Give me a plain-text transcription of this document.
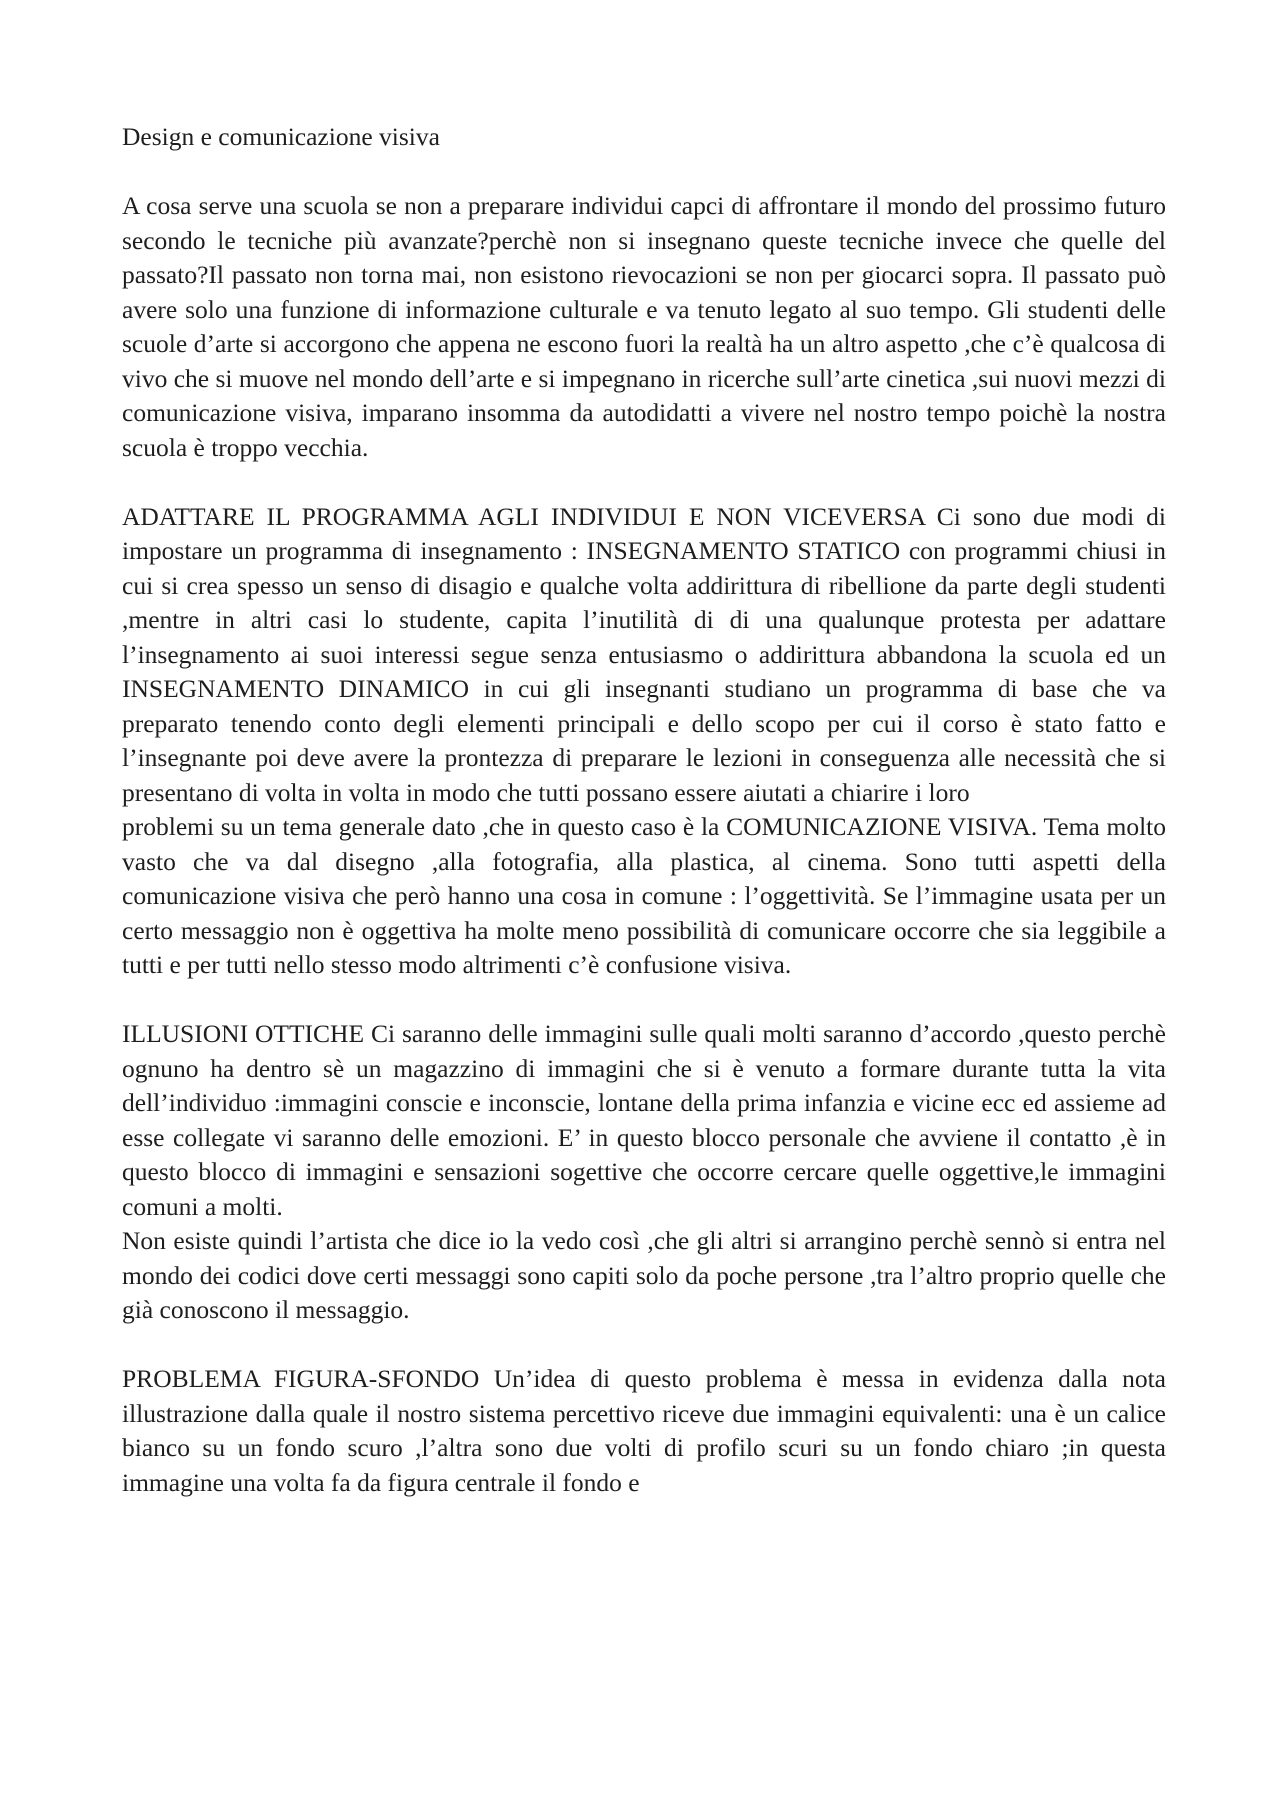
Design e comunicazione visiva

A cosa serve una scuola se non a preparare individui capci di affrontare il mondo del prossimo futuro secondo le tecniche più avanzate?perchè non si insegnano queste tecniche invece che quelle del passato?Il passato non torna mai, non esistono rievocazioni se non per giocarci sopra. Il passato può avere solo una funzione di informazione culturale e va tenuto legato al suo tempo. Gli studenti delle scuole d’arte si accorgono che appena ne escono fuori la realtà ha un altro aspetto ,che c’è qualcosa di vivo che si muove nel mondo dell’arte e si impegnano in ricerche sull’arte cinetica ,sui nuovi mezzi di comunicazione visiva, imparano insomma da autodidatti a vivere nel nostro tempo poichè la nostra scuola è troppo vecchia.

ADATTARE IL PROGRAMMA AGLI INDIVIDUI E NON VICEVERSA Ci sono due modi di impostare un programma di insegnamento : INSEGNAMENTO STATICO con programmi chiusi in cui si crea spesso un senso di disagio e qualche volta addirittura di ribellione da parte degli studenti ,mentre in altri casi lo studente, capita l’inutilità di di una qualunque protesta per adattare l’insegnamento ai suoi interessi segue senza entusiasmo o addirittura abbandona la scuola ed un INSEGNAMENTO DINAMICO in cui gli insegnanti studiano un programma di base che va preparato tenendo conto degli elementi principali e dello scopo per cui il corso è stato fatto e l’insegnante poi deve avere la prontezza di preparare le lezioni in conseguenza alle necessità che si presentano di volta in volta in modo che tutti possano essere aiutati a chiarire i loro

problemi su un tema generale dato ,che in questo caso è la COMUNICAZIONE VISIVA. Tema molto vasto che va dal disegno ,alla fotografia, alla plastica, al cinema. Sono tutti aspetti della comunicazione visiva che però hanno una cosa in comune : l’oggettività. Se l’immagine usata per un certo messaggio non è oggettiva ha molte meno possibilità di comunicare occorre che sia leggibile a tutti e per tutti nello stesso modo altrimenti c’è confusione visiva.

ILLUSIONI OTTICHE Ci saranno delle immagini sulle quali molti saranno d’accordo ,questo perchè ognuno ha dentro sè un magazzino di immagini che si è venuto a formare durante tutta la vita dell’individuo :immagini conscie e inconscie, lontane della prima infanzia e vicine ecc ed assieme ad esse collegate vi saranno delle emozioni. E’ in questo blocco personale che avviene il contatto ,è in questo blocco di immagini e sensazioni sogettive che occorre cercare quelle oggettive,le immagini comuni a molti.

Non esiste quindi l’artista che dice io la vedo così ,che gli altri si arrangino perchè sennò si entra nel mondo dei codici dove certi messaggi sono capiti solo da poche persone ,tra l’altro proprio quelle che già conoscono il messaggio.

PROBLEMA FIGURA-SFONDO Un’idea di questo problema è messa in evidenza dalla nota illustrazione dalla quale il nostro sistema percettivo riceve due immagini equivalenti: una è un calice bianco su un fondo scuro ,l’altra sono due volti di profilo scuri su un fondo chiaro ;in questa immagine una volta fa da figura centrale il fondo e
